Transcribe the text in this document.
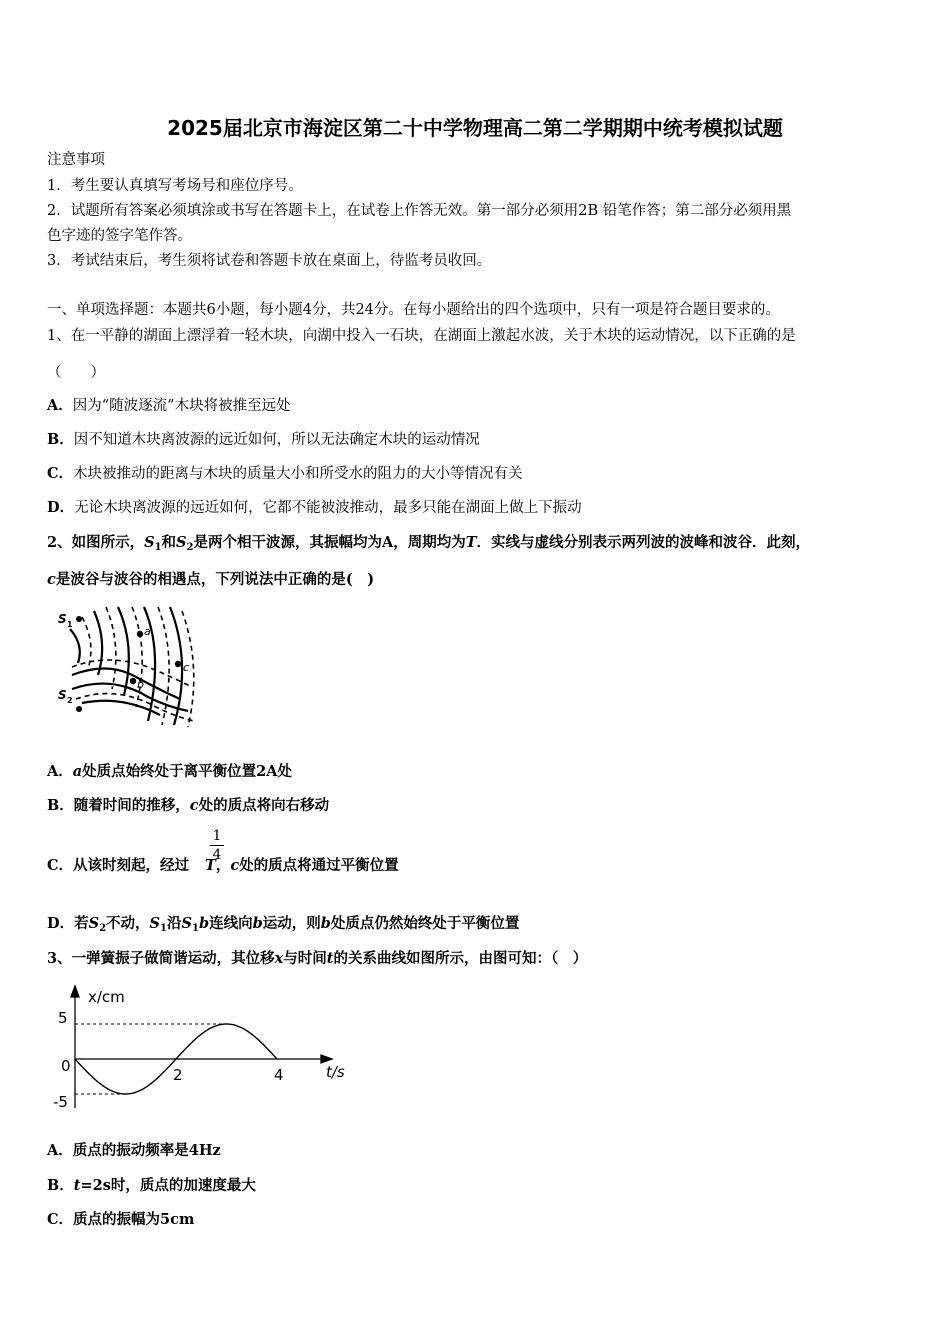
2025届北京市海淀区第二十中学物理高二第二学期期中统考模拟试题
注意事项
1．考生要认真填写考场号和座位序号。
2．试题所有答案必须填涂或书写在答题卡上，在试卷上作答无效。第一部分必须用2B 铅笔作答；第二部分必须用黑
色字迹的签字笔作答。
3．考试结束后，考生须将试卷和答题卡放在桌面上，待监考员收回。
一、单项选择题：本题共6小题，每小题4分，共24分。在每小题给出的四个选项中，只有一项是符合题目要求的。
1、在一平静的湖面上漂浮着一轻木块，向湖中投入一石块，在湖面上激起水波，关于木块的运动情况，以下正确的是
（　　）
A．因为“随波逐流”木块将被推至远处
B．因不知道木块离波源的远近如何，所以无法确定木块的运动情况
C．木块被推动的距离与木块的质量大小和所受水的阻力的大小等情况有关
D．无论木块离波源的远近如何，它都不能被波推动，最多只能在湖面上做上下振动
2、如图所示，$S_1$和$S_2$是两个相干波源，其振幅均为A，周期均为T．实线与虚线分别表示两列波的波峰和波谷．此刻，
c是波谷与波谷的相遇点，下列说法中正确的是(　)
S 1
S 2
a
b
c
A．a处质点始终处于离平衡位置2A处
B．随着时间的推移，c处的质点将向右移动
1
4
C．从该时刻起，经过 T，c处的质点将通过平衡位置
D．若$S_2$不动，$S_1$沿$S_1b$连线向b运动，则b处质点仍然始终处于平衡位置
3、一弹簧振子做简谐运动，其位移x与时间t的关系曲线如图所示，由图可知：（　）
x/cm
t/s
5
0
-5
2	4
A．质点的振动频率是4Hz
B．t=2s时，质点的加速度最大
C．质点的振幅为5cm
